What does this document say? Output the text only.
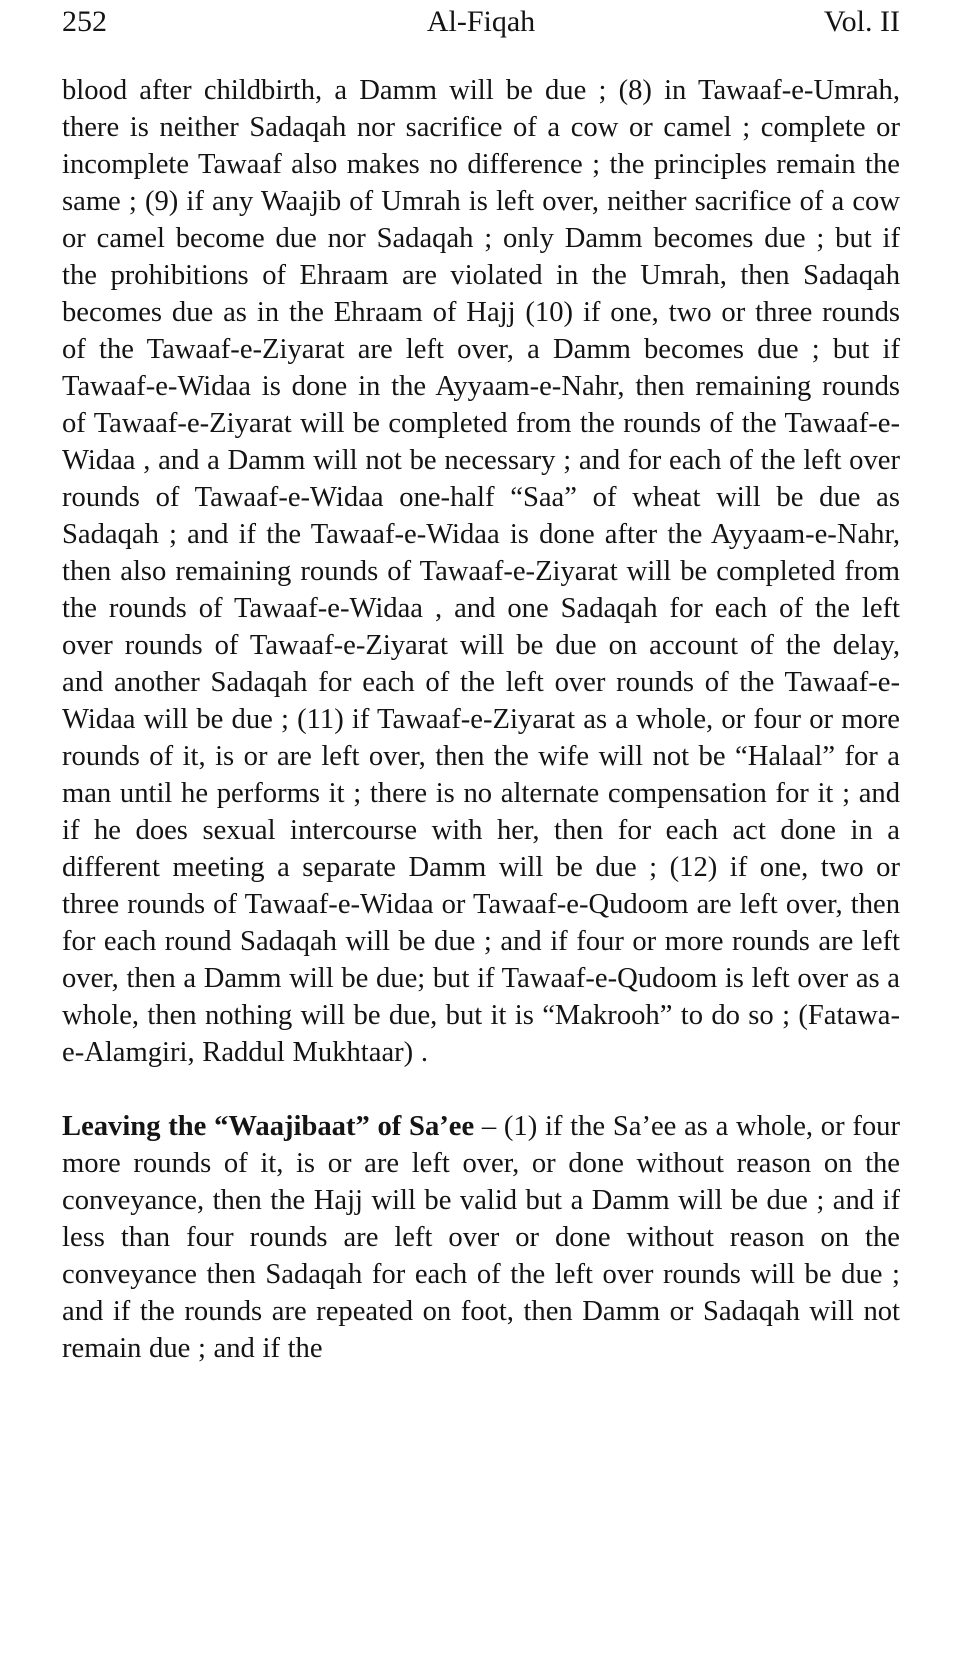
252	Al-Fiqah	Vol. II

blood after childbirth, a Damm will be due ; (8) in Tawaaf-e-Umrah, there is neither Sadaqah nor sacrifice of a cow or camel ; complete or incomplete Tawaaf also makes no difference ; the principles remain the same ; (9) if any Waajib of Umrah is left over, neither sacrifice of a cow or camel become due nor Sadaqah ; only Damm becomes due ; but if the prohibitions of Ehraam are violated in the Umrah, then Sadaqah becomes due as in the Ehraam of Hajj (10) if one, two or three rounds of the Tawaaf-e-Ziyarat are left over, a Damm becomes due ; but if Tawaaf-e-Widaa is done in the Ayyaam-e-Nahr, then remaining rounds of Tawaaf-e-Ziyarat will be completed from the rounds of the Tawaaf-e-Widaa , and a Damm will not be necessary ; and for each of the left over rounds of Tawaaf-e-Widaa one-half “Saa” of wheat will be due as Sadaqah ; and if the Tawaaf-e-Widaa is done after the Ayyaam-e-Nahr, then also remaining rounds of Tawaaf-e-Ziyarat will be completed from the rounds of Tawaaf-e-Widaa , and one Sadaqah for each of the left over rounds of Tawaaf-e-Ziyarat will be due on account of the delay, and another Sadaqah for each of the left over rounds of the Tawaaf-e-Widaa will be due ; (11) if Tawaaf-e-Ziyarat as a whole, or four or more rounds of it, is or are left over, then the wife will not be “Halaal” for a man until he performs it ; there is no alternate compensation for it ; and if he does sexual intercourse with her, then for each act done in a different meeting a separate Damm will be due ; (12) if one, two or three rounds of Tawaaf-e-Widaa or Tawaaf-e-Qudoom are left over, then for each round Sadaqah will be due ; and if four or more rounds are left over, then a Damm will be due; but if Tawaaf-e-Qudoom is left over as a whole, then nothing will be due, but it is “Makrooh” to do so ; (Fatawa-e-Alamgiri, Raddul Mukhtaar) .

Leaving the “Waajibaat” of Sa’ee – (1) if the Sa’ee as a whole, or four more rounds of it, is or are left over, or done without reason on the conveyance, then the Hajj will be valid but a Damm will be due ; and if less than four rounds are left over or done without reason on the conveyance then Sadaqah for each of the left over rounds will be due ; and if the rounds are repeated on foot, then Damm or Sadaqah will not remain due ; and if the
